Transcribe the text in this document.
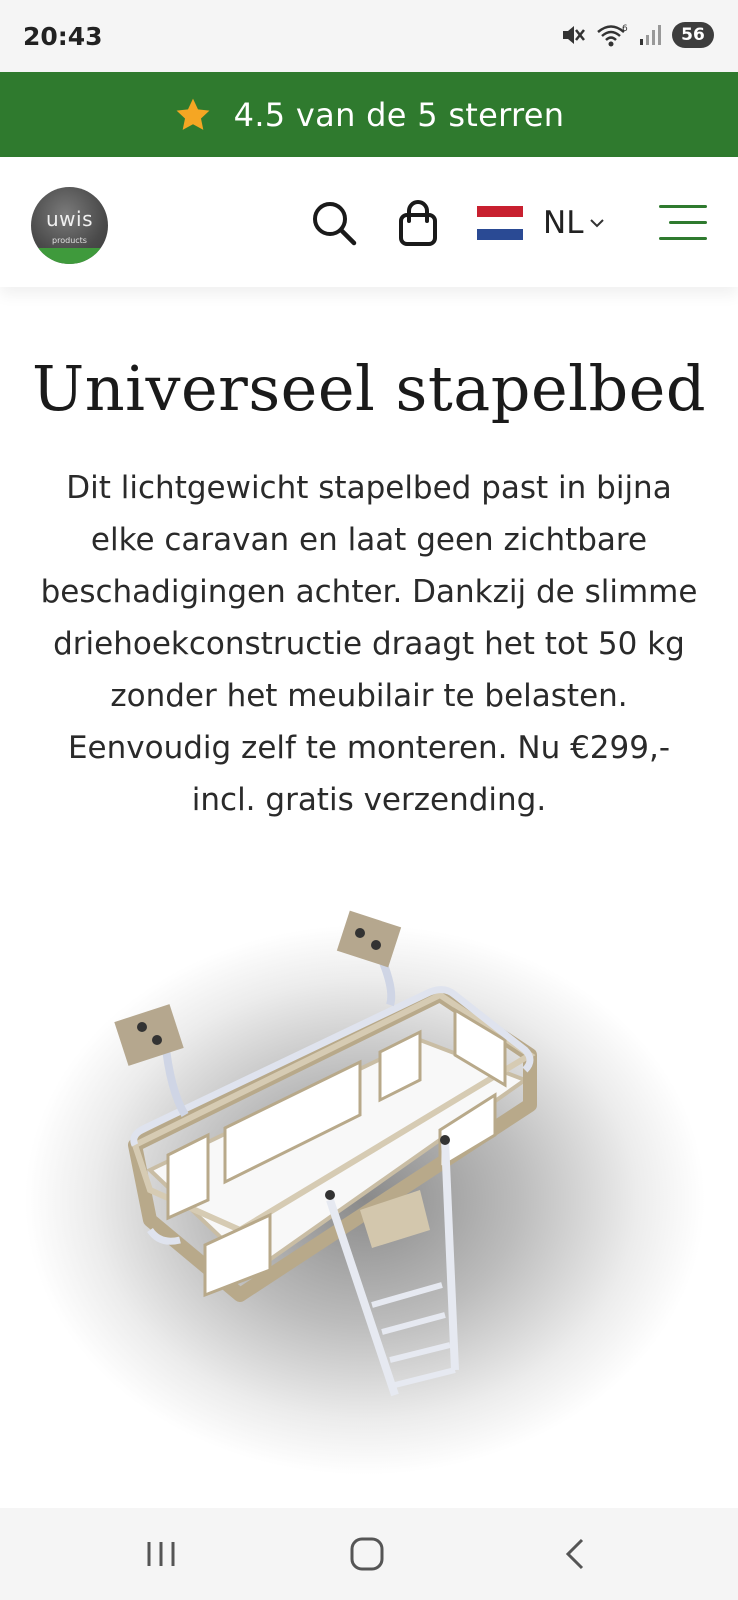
20:43	6	56
4.5 van de 5 sterren
uwis
products	NL
Universeel stapelbed

Dit lichtgewicht stapelbed past in bijna elke caravan en laat geen zichtbare beschadigingen achter. Dankzij de slimme driehoekconstructie draagt het tot 50 kg zonder het meubilair te belasten. Eenvoudig zelf te monteren. Nu €299,- incl. gratis verzending.
